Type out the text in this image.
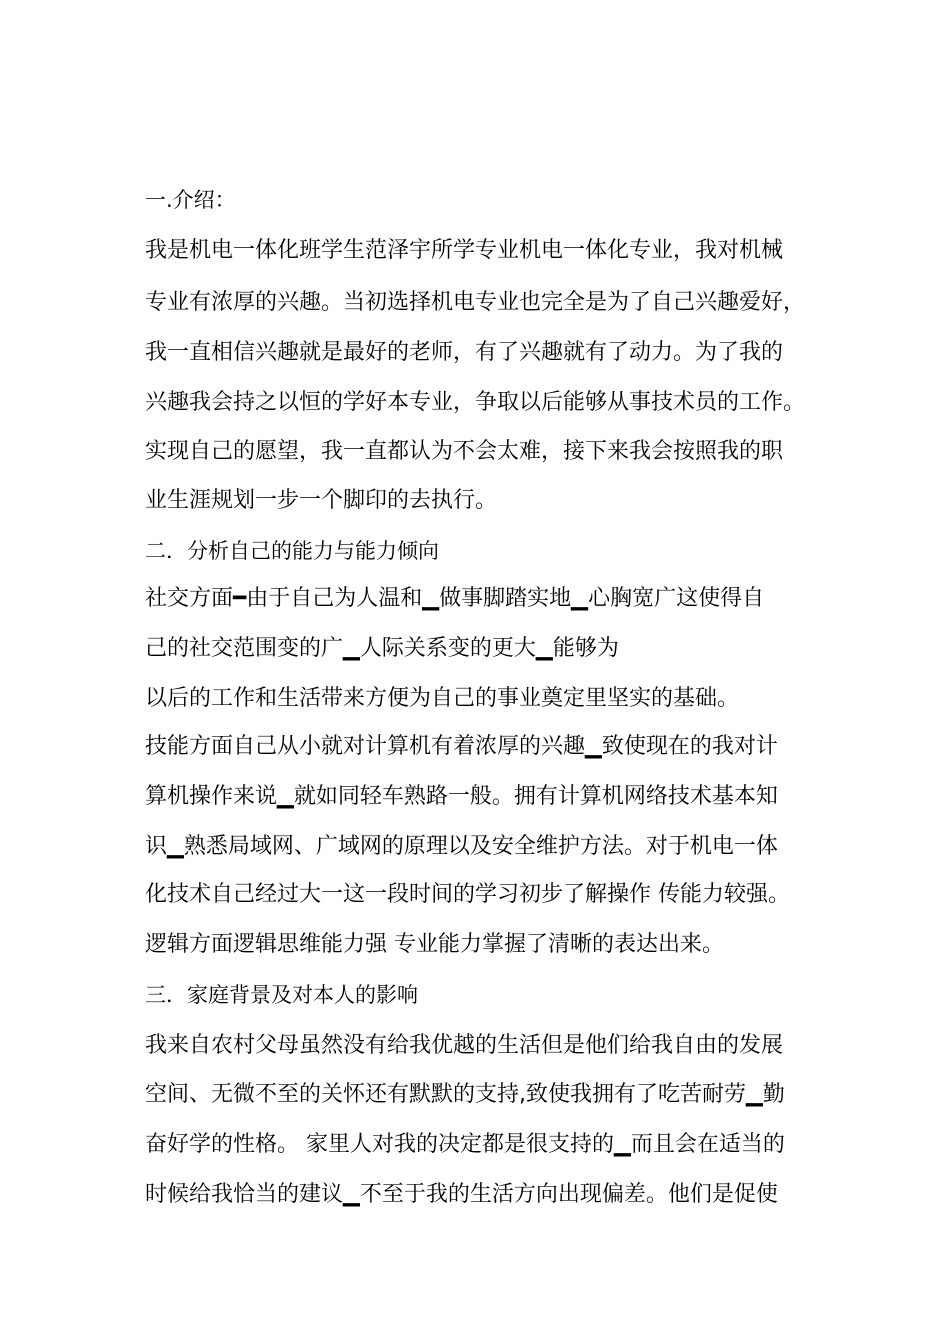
一.介绍：
我是机电一体化班学生范泽宇所学专业机电一体化专业，我对机械
专业有浓厚的兴趣。当初选择机电专业也完全是为了自己兴趣爱好，
我一直相信兴趣就是最好的老师，有了兴趣就有了动力。为了我的
兴趣我会持之以恒的学好本专业，争取以后能够从事技术员的工作。
实现自己的愿望，我一直都认为不会太难，接下来我会按照我的职
业生涯规划一步一个脚印的去执行。
二．分析自己的能力与能力倾向
社交方面━由于自己为人温和▁做事脚踏实地▁心胸宽广这使得自
己的社交范围变的广▁人际关系变的更大▁能够为
以后的工作和生活带来方便为自己的事业奠定里坚实的基础。
技能方面自己从小就对计算机有着浓厚的兴趣▁致使现在的我对计
算机操作来说▁就如同轻车熟路一般。拥有计算机网络技术基本知
识▁熟悉局域网、广域网的原理以及安全维护方法。对于机电一体
化技术自己经过大一这一段时间的学习初步了解操作 传能力较强。
逻辑方面逻辑思维能力强 专业能力掌握了清晰的表达出来。
三．家庭背景及对本人的影响
我来自农村父母虽然没有给我优越的生活但是他们给我自由的发展
空间、无微不至的关怀还有默默的支持,致使我拥有了吃苦耐劳▁勤
奋好学的性格。 家里人对我的决定都是很支持的▁而且会在适当的
时候给我恰当的建议▁不至于我的生活方向出现偏差。他们是促使
